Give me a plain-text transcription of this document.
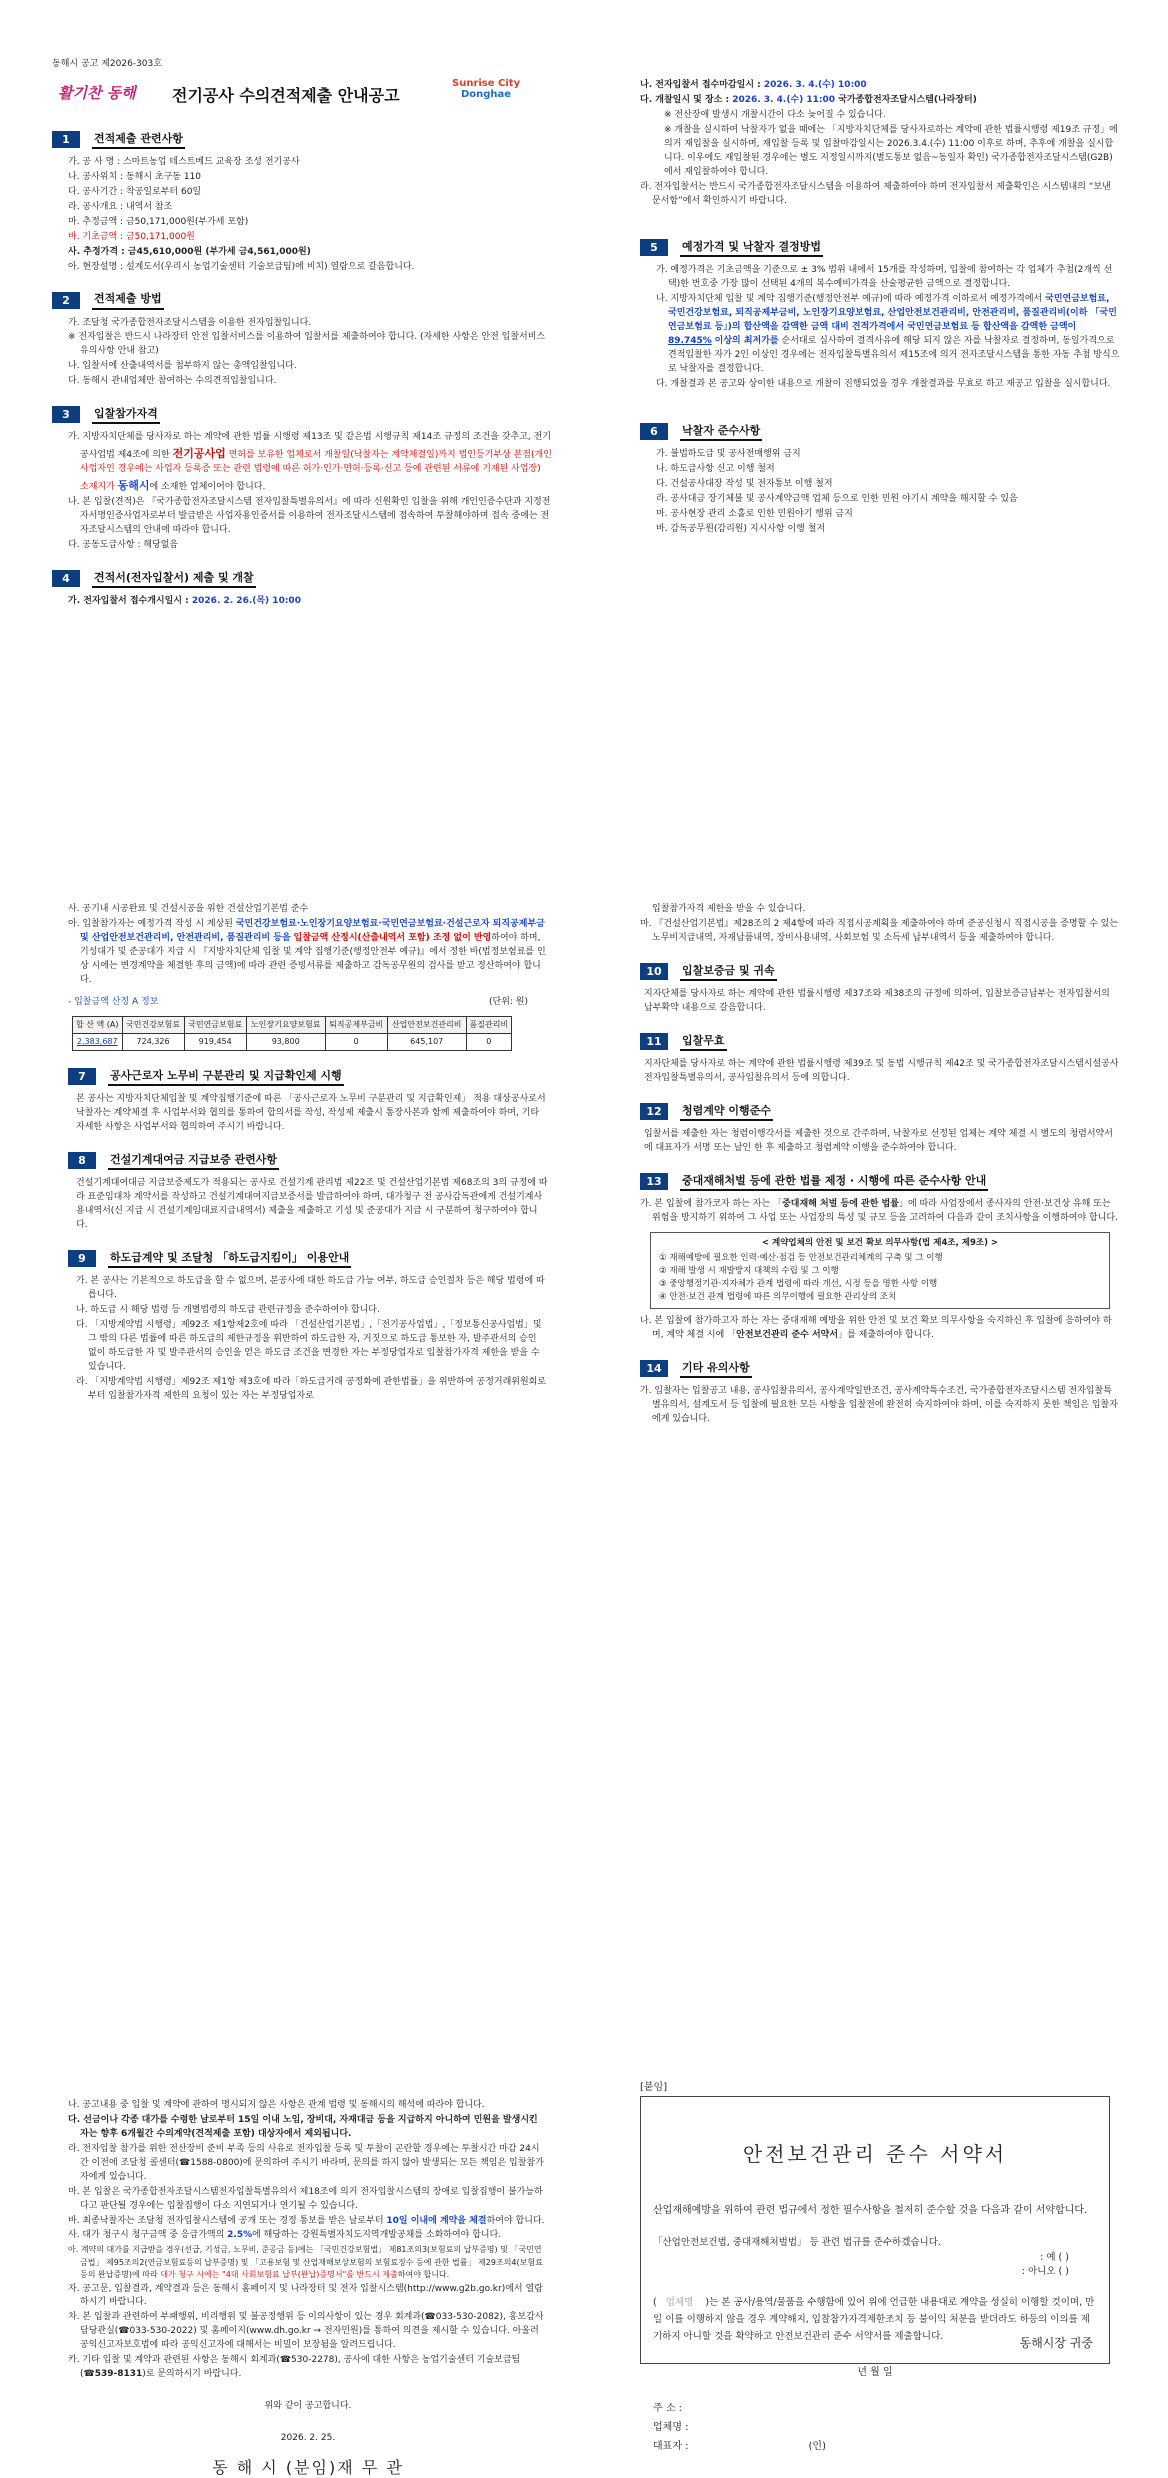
동해시 공고 제2026-303호
활기찬 동해 전기공사 수의견적제출 안내공고
Sunrise City
Donghae
1	견적제출 관련사항
가. 공 사 명 : 스마트농업 테스트베드 교육장 조성 전기공사
나. 공사위치 : 동해시 초구동 110
다. 공사기간 : 착공일로부터 60일
라. 공사개요 : 내역서 참조
마. 추정금액 : 금50,171,000원(부가세 포함)
바. 기초금액 : 금50,171,000원
사. 추정가격 : 금45,610,000원 (부가세 금4,561,000원)
아. 현장설명 : 설계도서(우리시 농업기술센터 기술보급팀)에 비치) 열람으로 갈음합니다.
2	견적제출 방법
가. 조달청 국가종합전자조달시스템을 이용한 전자입찰입니다.
※ 전자입찰은 반드시 나라장터 안전 입찰서비스를 이용하여 입찰서를 제출하여야 합니다. (자세한 사항은 안전 입찰서비스 유의사항 안내 참고)
나. 입찰서에 산출내역서를 첨부하지 않는 총액입찰입니다.
다. 동해시 관내업체만 참여하는 수의견적입찰입니다.
3	입찰참가자격
가. 지방자치단체를 당사자로 하는 계약에 관한 법률 시행령 제13조 및 같은법 시행규칙 제14조 규정의 조건을 갖추고, 전기공사업법 제4조에 의한 전기공사업 면허를 보유한 업체로서 개찰일(낙찰자는 계약체결일)까지 법인등기부상 본점(개인사업자인 경우에는 사업자 등록증 또는 관련 법령에 따른 허가·인가·면허·등록·신고 등에 관련된 서류에 기재된 사업장) 소재지가 동해시에 소재한 업체이어야 합니다.
나. 본 입찰(견적)은 『국가종합전자조달시스템 전자입찰특별유의서』에 따라 신원확인 입찰을 위해 개인인증수단과 지정전자서명인증사업자로부터 발급받은 사업자용인증서를 이용하여 전자조달시스템에 접속하여 투찰해야하며 접속 중에는 전자조달시스템의 안내에 따라야 합니다.
다. 공동도급사항 : 해당없음
4	견적서(전자입찰서) 제출 및 개찰
가. 전자입찰서 접수개시일시 : 2026. 2. 26.(목) 10:00
나. 전자입찰서 접수마감일시 : 2026. 3. 4.(수) 10:00
다. 개찰일시 및 장소 : 2026. 3. 4.(수) 11:00 국가종합전자조달시스템(나라장터)
※ 전산장애 발생시 개찰시간이 다소 늦어질 수 있습니다.
※ 개찰을 실시하여 낙찰자가 없을 때에는 「지방자치단체를 당사자로하는 계약에 관한 법률시행령 제19조 규정」에 의거 재입찰을 실시하며, 재입찰 등록 및 입찰마감일시는 2026.3.4.(수) 11:00 이후로 하며, 추후에 개찰을 실시합니다. 이우에도 재입찰된 경우에는 별도 지정일시까지(별도통보 없음~동일자 확인) 국가종합전자조달시스템(G2B)에서 재입찰하여야 합니다.
라. 전자입찰서는 반드시 국가종합전자조달시스템을 이용하여 제출하여야 하며 전자입찰서 제출확인은 시스템내의 “보낸 문서함”에서 확인하시기 바랍니다.
5	예정가격 및 낙찰자 결정방법
가. 예정가격은 기초금액을 기준으로 ± 3% 범위 내에서 15개를 작성하며, 입찰에 참여하는 각 업체가 추첨(2개씩 선택)한 번호중 가장 많이 선택된 4개의 복수예비가격을 산술평균한 금액으로 결정합니다.
나. 지방자치단체 입찰 및 계약 집행기준(행정안전부 예규)에 따라 예정가격 이하로서 예정가격에서 국민연금보험료, 국민건강보험료, 퇴직공제부금비, 노인장기요양보험료, 산업안전보건관리비, 안전관리비, 품질관리비(이하 「국민연금보험료 등」)의 합산액을 감액한 금액 대비 견적가격에서 국민연금보험료 등 합산액을 감액한 금액이 89.745% 이상의 최저가를 순서대로 심사하여 결격사유에 해당 되지 않은 자를 낙찰자로 결정하며, 동일가격으로 견적입찰한 자가 2인 이상인 경우에는 전자입찰특별유의서 제15조에 의거 전자조달시스템을 통한 자동 추첨 방식으로 낙찰자를 결정합니다.
다. 개찰결과 본 공고와 상이한 내용으로 개찰이 진행되었을 경우 개찰결과를 무효로 하고 재공고 입찰을 실시합니다.
6	낙찰자 준수사항
가. 불법하도급 및 공사전매행위 금지
나. 하도급사항 신고 이행 철저
다. 건설공사대장 작성 및 전자통보 이행 철저
라. 공사대금 장기체불 및 공사계약금액 업체 등으로 인한 민원 야기시 계약을 해지할 수 있음
마. 공사현장 관리 소홀로 인한 민원야기 행위 금지
바. 감독공무원(감리원) 지시사항 이행 철저
사. 공기내 시공완료 및 건설시공을 위한 건설산업기본법 준수
아. 입찰참가자는 예정가격 작성 시 계상된 국민건강보험료·노인장기요양보험료·국민연금보험료·건설근로자 퇴직공제부금 및 산업안전보건관리비, 안전관리비, 품질관리비 등을 입찰금액 산정시(산출내역서 포함) 조정 없이 반영하여야 하며, 기성대가 및 준공대가 지급 시 『지방자치단체 입찰 및 계약 집행기준(행정안전부 예규)』에서 정한 바(법정보험료를 인상 시에는 변경계약을 체결한 후의 금액)에 따라 관련 증빙서류를 제출하고 감독공무원의 검사를 받고 정산하여야 합니다.
- 입찰금액 산정 A 정보	(단위: 원)
합 산 액 (A)	국민건강보험료	국민연금보험료	노인장기요양보험료	퇴직공제부금비	산업안전보건관리비	품질관리비
2,383,687	724,326	919,454	93,800	0	645,107	0
7	공사근로자 노무비 구분관리 및 지급확인제 시행
본 공사는 지방자치단체입찰 및 계약집행기준에 따른 「공사근로자 노무비 구분관리 및 지급확인제」 적용 대상공사로서 낙찰자는 계약체결 후 사업부서와 협의를 통하여 합의서를 작성, 작성제 제출시 통장사본과 함께 제출하여야 하며, 기타 자세한 사항은 사업부서와 협의하여 주시기 바랍니다.
8	건설기계대여금 지급보증 관련사항
건설기계대여대금 지급보증제도가 적용되는 공사로 건설기계 관리법 제22조 및 건설산업기본법 제68조의 3의 규정에 따라 표준임대차 계약서를 작성하고 건설기계대여지급보증서를 발급하여야 하며, 대가청구 전 공사감독관에게 건설기계사용내역서(신 지급 시 건설기계임대료지급내역서) 제출을 제출하고 기성 및 준공대가 지급 시 구분하여 청구하여야 합니다.
9	하도급계약 및 조달청 「하도급지킴이」 이용안내
가. 본 공사는 기본적으로 하도급을 할 수 없으며, 분공사에 대한 하도급 가능 여부, 하도급 승인절차 등은 해당 법령에 따릅니다.
나. 하도급 시 해당 법령 등 개별법령의 하도급 관련규정을 준수하여야 합니다.
다. 「지방계약법 시행령」제92조 제1항제2호에 따라 「건설산업기본법」,「전기공사업법」,「정보통신공사업법」및 그 밖의 다른 법률에 따른 하도급의 제한규정을 위반하여 하도급한 자, 거짓으로 하도급 통보한 자, 발주관서의 승인 없이 하도급한 자 및 발주관서의 승인을 얻은 하도급 조건을 변경한 자는 부정당업자로 입찰참가자격 제한을 받을 수 있습니다.
라. 「지방계약법 시행령」제92조 제1항 제3호에 따라「하도급거래 공정화에 관한법률」을 위반하여 공정거래위원회로부터 입찰참가자격 제한의 요청이 있는 자는 부정당업자로
입찰참가자격 제한을 받을 수 있습니다.
마. 『건설산업기본법』제28조의 2 제4항에 따라 직접시공계획을 제출하여야 하며 준공신청시 직접시공을 증명할 수 있는 노무비지급내역, 자재납품내역, 장비사용내역, 사회보험 및 소득세 납부내역서 등을 제출하여야 합니다.
10	입찰보증금 및 귀속
지자단체를 당사자로 하는 계약에 관한 법률시행령 제37조와 제38조의 규정에 의하여, 입찰보증금납부는 전자입찰서의 납부확약 내용으로 갈음합니다.
11	입찰무효
지자단체를 당사자로 하는 계약에 관한 법률시행령 제39조 및 동법 시행규칙 제42조 및 국가종합전자조달시스템시설공사전자입찰특별유의서, 공사입찰유의서 등에 의합니다.
12	청렴계약 이행준수
입찰서를 제출한 자는 청렴이행각서를 제출한 것으로 간주하며, 낙찰자로 선정된 업체는 계약 체결 시 별도의 청렴서약서에 대표자가 서명 또는 날인 한 후 제출하고 청렴계약 이행을 준수하여야 합니다.
13	중대재해처벌 등에 관한 법률 제정 · 시행에 따른 준수사항 안내
가. 본 입찰에 참가코자 하는 자는 「중대재해 처벌 등에 관한 법률」에 따라 사업장에서 종사자의 안전·보건상 유해 또는 위험을 방지하기 위하여 그 사업 또는 사업장의 특성 및 규모 등을 고려하여 다음과 같이 조치사항을 이행하여야 합니다.
< 계약업체의 안전 및 보건 확보 의무사항(법 제4조, 제9조) >
① 재해예방에 필요한 인력·예산·점검 등 안전보건관리체계의 구축 및 그 이행
② 재해 발생 시 재발방지 대책의 수립 및 그 이행
③ 중앙행정기관·지자체가 관계 법령에 따라 개선, 시정 등을 명한 사항 이행
④ 안전·보건 관계 법령에 따른 의무이행에 필요한 관리상의 조치
나. 본 입찰에 참가하고자 하는 자는 중대재해 예방을 위한 안전 및 보건 확보 의무사항을 숙지하신 후 입찰에 응하여야 하며, 계약 체결 시에 「안전보건관리 준수 서약서」를 제출하여야 합니다.
14	기타 유의사항
가. 입찰자는 입찰공고 내용, 공사입찰유의서, 공사계약일반조건, 공사계약특수조건, 국가종합전자조달시스템 전자입찰특별유의서, 설계도서 등 입찰에 필요한 모든 사항을 입찰전에 완전히 숙지하여야 하며, 이를 숙지하지 못한 책임은 입찰자에게 있습니다.
나. 공고내용 중 입찰 및 계약에 관하여 명시되지 않은 사항은 관계 법령 및 동해시의 해석에 따라야 합니다.
다. 선금이나 각종 대가를 수령한 날로부터 15일 이내 노임, 장비대, 자재대금 등을 지급하지 아니하여 민원을 발생시킨 자는 향후 6개월간 수의계약(견적제출 포함) 대상자에서 제외됩니다.
라. 전자입찰 참가를 위한 전산장비 준비 부족 등의 사유로 전자입찰 등록 및 투찰이 곤란할 경우에는 투찰시간 마감 24시간 이전에 조달청 콜센터(☎1588-0800)에 문의하여 주시기 바라며, 문의를 하지 않아 발생되는 모든 책임은 입찰참가자에게 있습니다.
마. 본 입찰은 국가종합전자조달시스템전자입찰특별유의서 제18조에 의거 전자입찰시스템의 장애로 입찰집행이 불가능하다고 판단될 경우에는 입찰집행이 다소 지연되거나 연기될 수 있습니다.
바. 최종낙찰자는 조달청 전자입찰시스템에 공개 또는 경정 통보를 받은 날로부터 10일 이내에 계약을 체결하여야 합니다.
사. 대가 청구시 청구금액 중 응급가액의 2.5%에 해당하는 강원특별자치도지역개발공채를 소화하여야 합니다.
아. 계약의 대가를 지급받을 경우(선급, 기성금, 노무비, 준공금 등)에는 「국민건강보험법」 제81조의3(보험료의 납부증명) 및 「국민연금법」 제95조의2(연금보험료등의 납부증명) 및 「고용보험 및 산업재해보상보험의 보험료징수 등에 관한 법률」 제29조의4(보험료등의 완납증명)에 따라 대가 청구 시에는 "4대 사회보험료 납부(완납)증명서"를 반드시 제출하여야 합니다.
자. 공고문, 입찰결과, 계약결과 등은 동해시 홈페이지 및 나라장터 및 전자 입찰시스템(http://www.g2b.go.kr)에서 열람하시기 바랍니다.
차. 본 입찰과 관련하여 부패행위, 비리행위 및 불공정행위 등 이의사항이 있는 경우 회계과(☎033-530-2082), 홍보감사담당관실(☎033-530-2022) 및 홈페이지(www.dh.go.kr → 전자민원)를 통하여 의견을 제시할 수 있습니다. 아울러 공익신고자보호법에 따라 공익신고자에 대해서는 비밀이 보장됨을 알려드립니다.
카. 기타 입찰 및 계약과 관련된 사항은 동해시 회계과(☎530-2278), 공사에 대한 사항은 농업기술센터 기술보급팀(☎539-8131)로 문의하시기 바랍니다.
위와 같이 공고합니다.
2026. 2. 25.
동 해 시 (분임)재 무 관
[붙임]
안전보건관리 준수 서약서
산업재해예방을 위하여 관련 법규에서 정한 필수사항을 철저히 준수할 것을 다음과 같이 서약합니다.
「산업안전보건법, 중대재해처벌법」 등 관련 법규를 준수하겠습니다.
: 예 ( )
: 아니오 ( )
(   업체명 )는 본 공사/용역/물품을 수행함에 있어 위에 언급한 내용대로 계약을 성실히 이행할 것이며, 만일 이를 이행하지 않을 경우 계약해지, 입찰참가자격제한조치 등 불이익 처분을 받더라도 하등의 이의를 제기하지 아니할 것을 확약하고 안전보건관리 준수 서약서를 제출합니다.
년 월 일
주 소 :
업체명 :
대표자 :	(인)
동해시장 귀중
